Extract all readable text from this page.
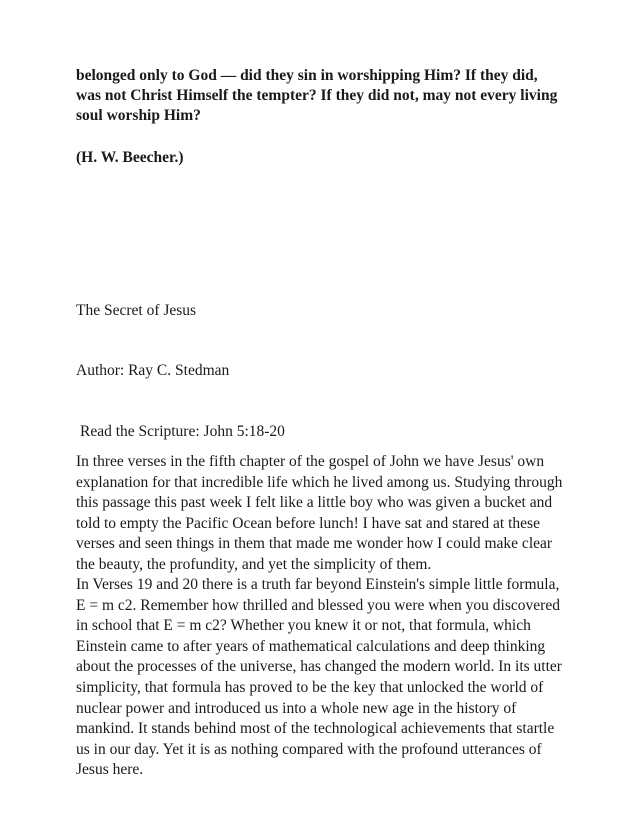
belonged only to God — did they sin in worshipping Him? If they did, was not Christ Himself the tempter? If they did not, may not every living soul worship Him?

(H. W. Beecher.)

The Secret of Jesus

Author: Ray C. Stedman

Read the Scripture: John 5:18-20

In three verses in the fifth chapter of the gospel of John we have Jesus' own explanation for that incredible life which he lived among us. Studying through this passage this past week I felt like a little boy who was given a bucket and told to empty the Pacific Ocean before lunch! I have sat and stared at these verses and seen things in them that made me wonder how I could make clear the beauty, the profundity, and yet the simplicity of them.

In Verses 19 and 20 there is a truth far beyond Einstein's simple little formula, E = m c2. Remember how thrilled and blessed you were when you discovered in school that E = m c2? Whether you knew it or not, that formula, which Einstein came to after years of mathematical calculations and deep thinking about the processes of the universe, has changed the modern world. In its utter simplicity, that formula has proved to be the key that unlocked the world of nuclear power and introduced us into a whole new age in the history of mankind. It stands behind most of the technological achievements that startle us in our day. Yet it is as nothing compared with the profound utterances of Jesus here.
